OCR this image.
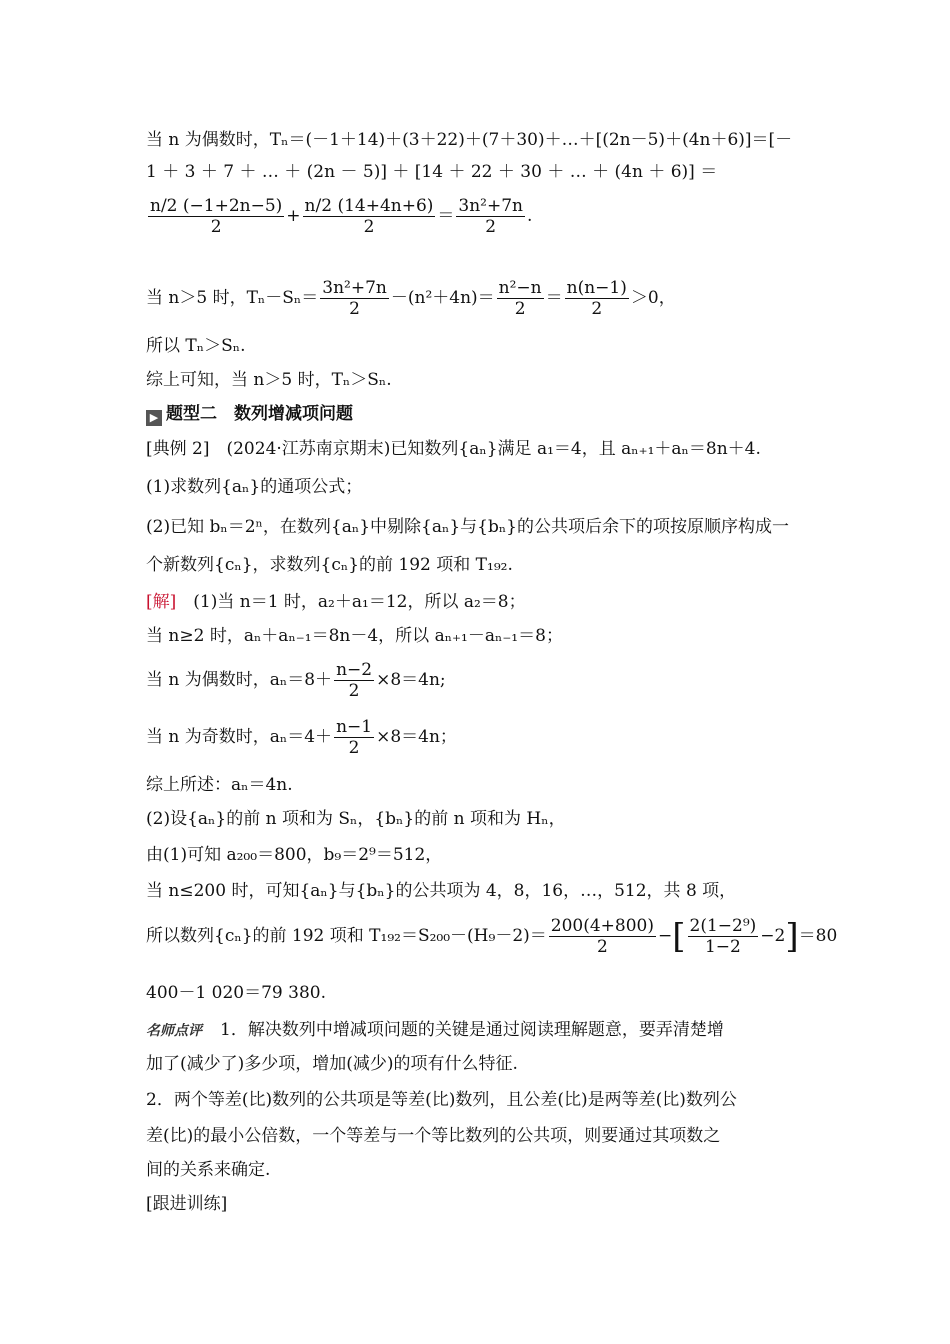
当 n 为偶数时，Tₙ＝(－1＋14)＋(3＋22)＋(7＋30)＋…＋[(2n－5)＋(4n＋6)]＝[－
1 ＋ 3 ＋ 7 ＋ … ＋ (2n － 5)] ＋ [14 ＋ 22 ＋ 30 ＋ … ＋ (4n ＋ 6)] ＝
$\frac{n/2 (-1+2n-5)}{2} + \frac{n/2 (14+4n+6)}{2} = \frac{\text{3n²+7n}}{2}$ .
当 n＞5 时，$T_n-S_n= \frac{\text{3n²+7n}}{2} -(n^2+4n)= \frac{\text{n²−n}}{2} = \frac{n(n-1)}{2} >0$，
所以 Tₙ＞Sₙ.
综上可知，当 n＞5 时，Tₙ＞Sₙ.
▶ 题型二　数列增减项问题
[典例 2]　(2024·江苏南京期末)已知数列{aₙ}满足 a₁＝4，且 aₙ₊₁＋aₙ＝8n＋4.
(1)求数列{aₙ}的通项公式；
(2)已知 bₙ＝2ⁿ，在数列{aₙ}中剔除{aₙ}与{bₙ}的公共项后余下的项按原顺序构成一
个新数列{cₙ}，求数列{cₙ}的前 192 项和 T₁₉₂.
[解]　(1)当 n＝1 时，a₂＋a₁＝12，所以 a₂＝8；
当 n≥2 时，aₙ＋aₙ₋₁＝8n－4，所以 aₙ₊₁－aₙ₋₁＝8；
当 n 为偶数时，$a_n=8+ \frac{n-2}{2} \times 8=4n$;
当 n 为奇数时，$a_n=4+ \frac{n-1}{2} \times 8=4n$；
综上所述：aₙ＝4n.
(2)设{aₙ}的前 n 项和为 Sₙ，{bₙ}的前 n 项和为 Hₙ，
由(1)可知 a₂₀₀＝800，b₉＝2⁹＝512，
当 n≤200 时，可知{aₙ}与{bₙ}的公共项为 4，8，16，…，512，共 8 项，
所以数列{cₙ}的前 192 项和 $T_{192}=S_{200}-(H_9-2)= \frac{200(4+800)}{2}$ −[ $\frac{\text{2(1−2⁹)}}{1-2} -2]=80$
400－1 020＝79 380.
名师点评 1．解决数列中增减项问题的关键是通过阅读理解题意，要弄清楚增
加了(减少了)多少项，增加(减少)的项有什么特征.
2．两个等差(比)数列的公共项是等差(比)数列，且公差(比)是两等差(比)数列公
差(比)的最小公倍数，一个等差与一个等比数列的公共项，则要通过其项数之
间的关系来确定.
[跟进训练]
